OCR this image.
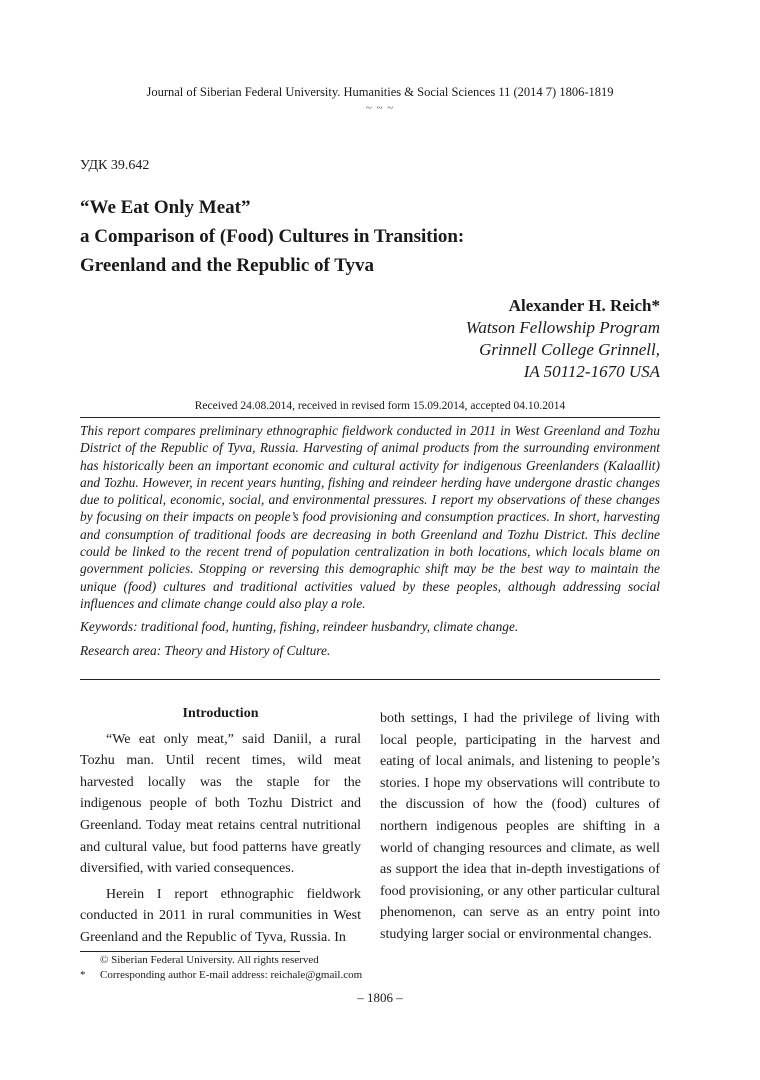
Journal of Siberian Federal University. Humanities & Social Sciences 11 (2014 7) 1806-1819
~ ~ ~
УДК 39.642
“We Eat Only Meat”
a Comparison of (Food) Cultures in Transition:
Greenland and the Republic of Tyva
Alexander H. Reich*
Watson Fellowship Program
Grinnell College Grinnell,
IA 50112-1670 USA
Received 24.08.2014, received in revised form 15.09.2014, accepted 04.10.2014

This report compares preliminary ethnographic fieldwork conducted in 2011 in West Greenland and Tozhu District of the Republic of Tyva, Russia. Harvesting of animal products from the surrounding environment has historically been an important economic and cultural activity for indigenous Greenlanders (Kalaallit) and Tozhu. However, in recent years hunting, fishing and reindeer herding have undergone drastic changes due to political, economic, social, and environmental pressures. I report my observations of these changes by focusing on their impacts on people’s food provisioning and consumption practices. In short, harvesting and consumption of traditional foods are decreasing in both Greenland and Tozhu District. This decline could be linked to the recent trend of population centralization in both locations, which locals blame on government policies. Stopping or reversing this demographic shift may be the best way to maintain the unique (food) cultures and traditional activities valued by these peoples, although addressing social influences and climate change could also play a role.

Keywords: traditional food, hunting, fishing, reindeer husbandry, climate change.

Research area: Theory and History of Culture.

Introduction

“We eat only meat,” said Daniil, a rural Tozhu man. Until recent times, wild meat harvested locally was the staple for the indigenous people of both Tozhu District and Greenland. Today meat retains central nutritional and cultural value, but food patterns have greatly diversified, with varied consequences.

Herein I report ethnographic fieldwork conducted in 2011 in rural communities in West Greenland and the Republic of Tyva, Russia. In

both settings, I had the privilege of living with local people, participating in the harvest and eating of local animals, and listening to people’s stories. I hope my observations will contribute to the discussion of how the (food) cultures of northern indigenous peoples are shifting in a world of changing resources and climate, as well as support the idea that in-depth investigations of food provisioning, or any other particular cultural phenomenon, can serve as an entry point into studying larger social or environmental changes.

© Siberian Federal University. All rights reserved
* Corresponding author E-mail address: reichale@gmail.com
– 1806 –
